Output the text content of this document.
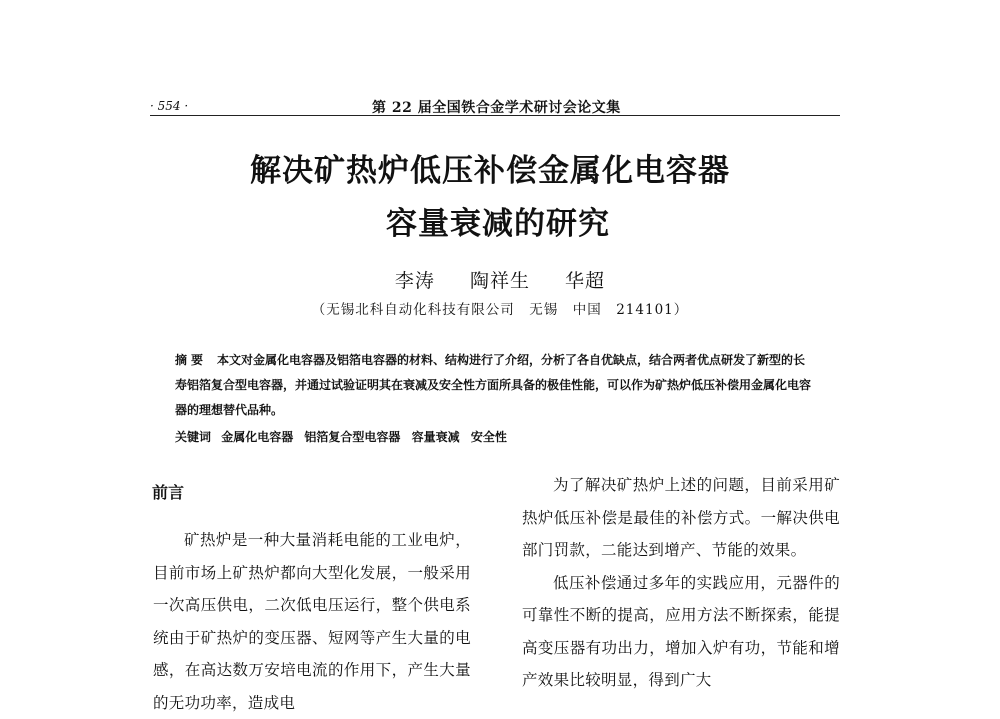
· 554 ·	第 22 届全国铁合金学术研讨会论文集
解决矿热炉低压补偿金属化电容器
容量衰减的研究
李涛 陶祥生 华超
（无锡北科自动化科技有限公司　无锡　中国　214101）
摘要 本文对金属化电容器及铝箔电容器的材料、结构进行了介绍，分析了各自优缺点，结合两者优点研发了新型的长寿铝箔复合型电容器，并通过试验证明其在衰减及安全性方面所具备的极佳性能，可以作为矿热炉低压补偿用金属化电容器的理想替代品种。
关键词 金属化电容器 铝箔复合型电容器 容量衰减 安全性
前言

矿热炉是一种大量消耗电能的工业电炉，目前市场上矿热炉都向大型化发展，一般采用一次高压供电，二次低电压运行，整个供电系统由于矿热炉的变压器、短网等产生大量的电感，在高达数万安培电流的作用下，产生大量的无功功率，造成电

为了解决矿热炉上述的问题，目前采用矿热炉低压补偿是最佳的补偿方式。一解决供电部门罚款，二能达到增产、节能的效果。

低压补偿通过多年的实践应用，元器件的可靠性不断的提高，应用方法不断探索，能提高变压器有功出力，增加入炉有功，节能和增产效果比较明显，得到广大
